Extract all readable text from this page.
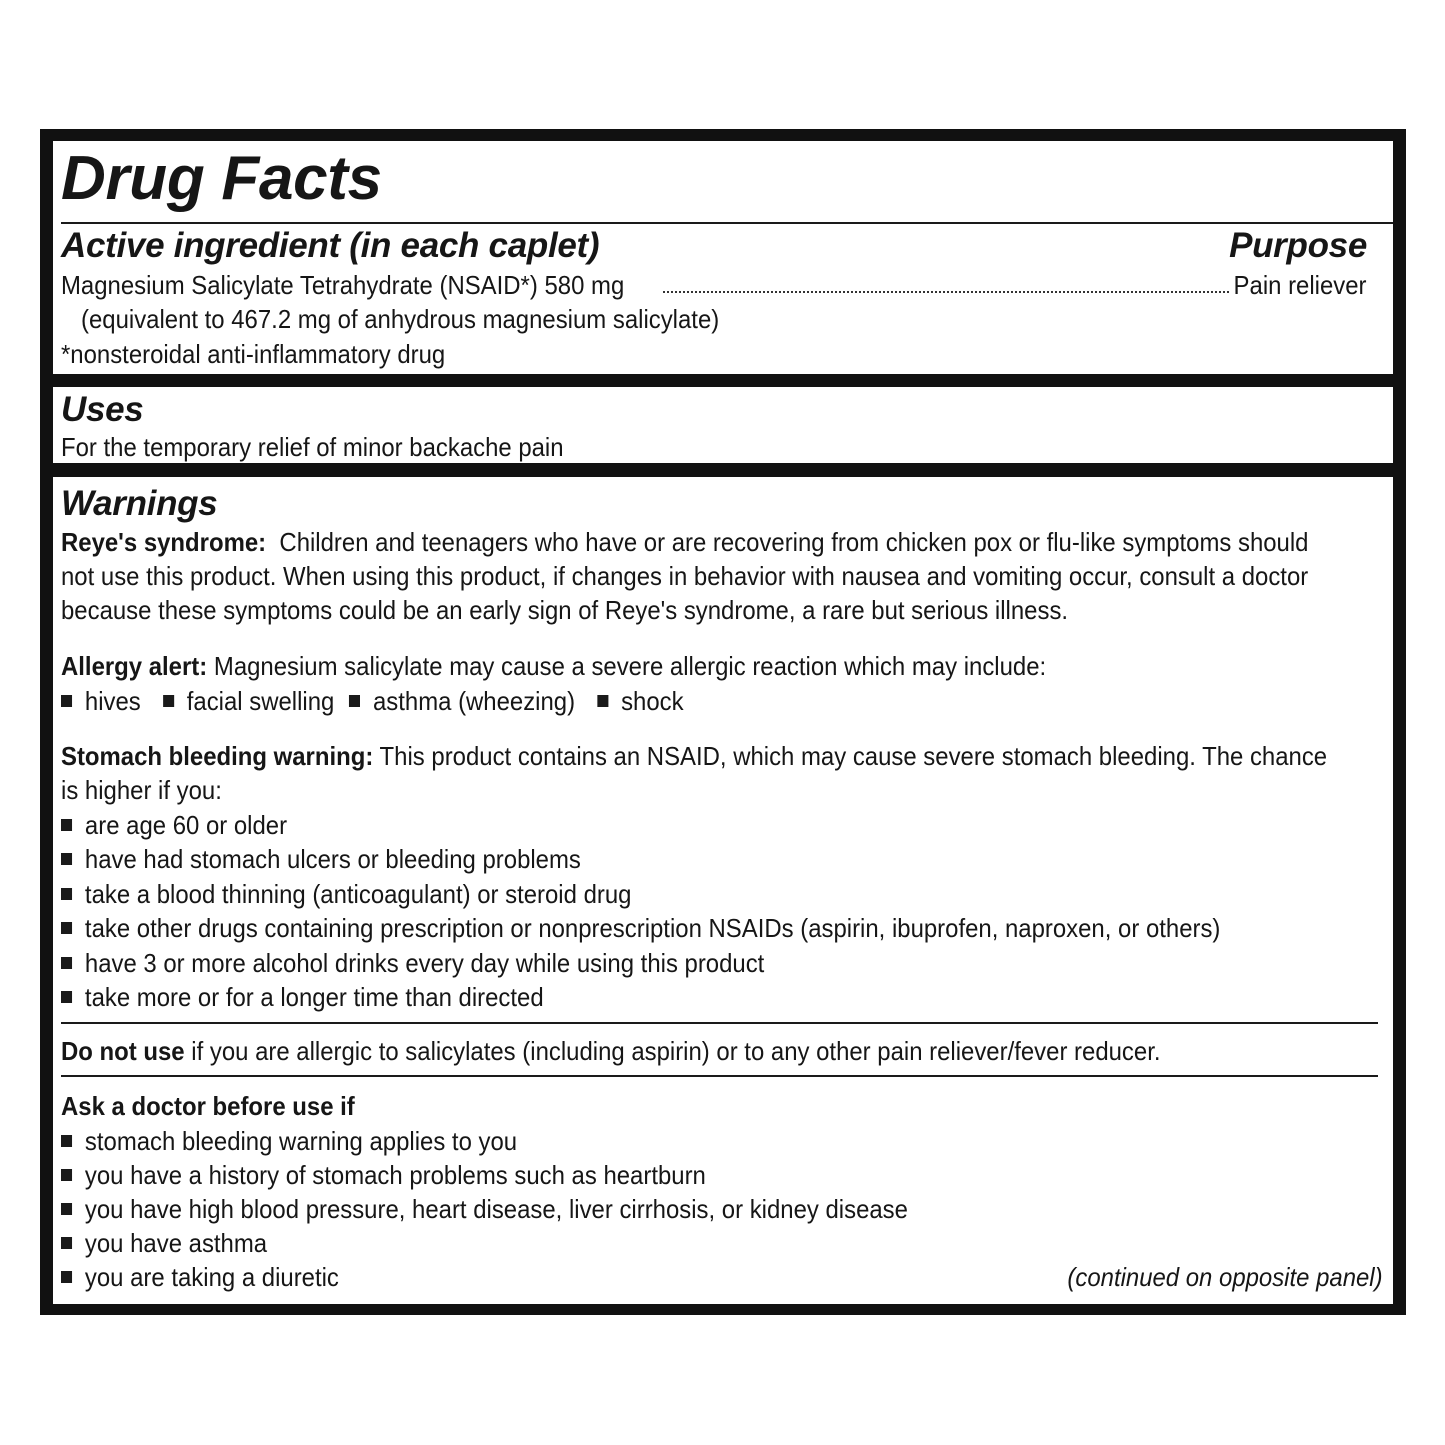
Drug Facts
Active ingredient (in each caplet)	Purpose
Magnesium Salicylate Tetrahydrate (NSAID*) 580 mg	Pain reliever
(equivalent to 467.2 mg of anhydrous magnesium salicylate)
*nonsteroidal anti-inflammatory drug
Uses
For the temporary relief of minor backache pain
Warnings
Reye's syndrome: Children and teenagers who have or are recovering from chicken pox or flu-like symptoms should
not use this product. When using this product, if changes in behavior with nausea and vomiting occur, consult a doctor
because these symptoms could be an early sign of Reye's syndrome, a rare but serious illness.
Allergy alert: Magnesium salicylate may cause a severe allergic reaction which may include:
hives facial swelling asthma (wheezing) shock
Stomach bleeding warning: This product contains an NSAID, which may cause severe stomach bleeding. The chance
is higher if you:
are age 60 or older
have had stomach ulcers or bleeding problems
take a blood thinning (anticoagulant) or steroid drug
take other drugs containing prescription or nonprescription NSAIDs (aspirin, ibuprofen, naproxen, or others)
have 3 or more alcohol drinks every day while using this product
take more or for a longer time than directed
Do not use if you are allergic to salicylates (including aspirin) or to any other pain reliever/fever reducer.
Ask a doctor before use if
stomach bleeding warning applies to you
you have a history of stomach problems such as heartburn
you have high blood pressure, heart disease, liver cirrhosis, or kidney disease
you have asthma
you are taking a diuretic	(continued on opposite panel)
